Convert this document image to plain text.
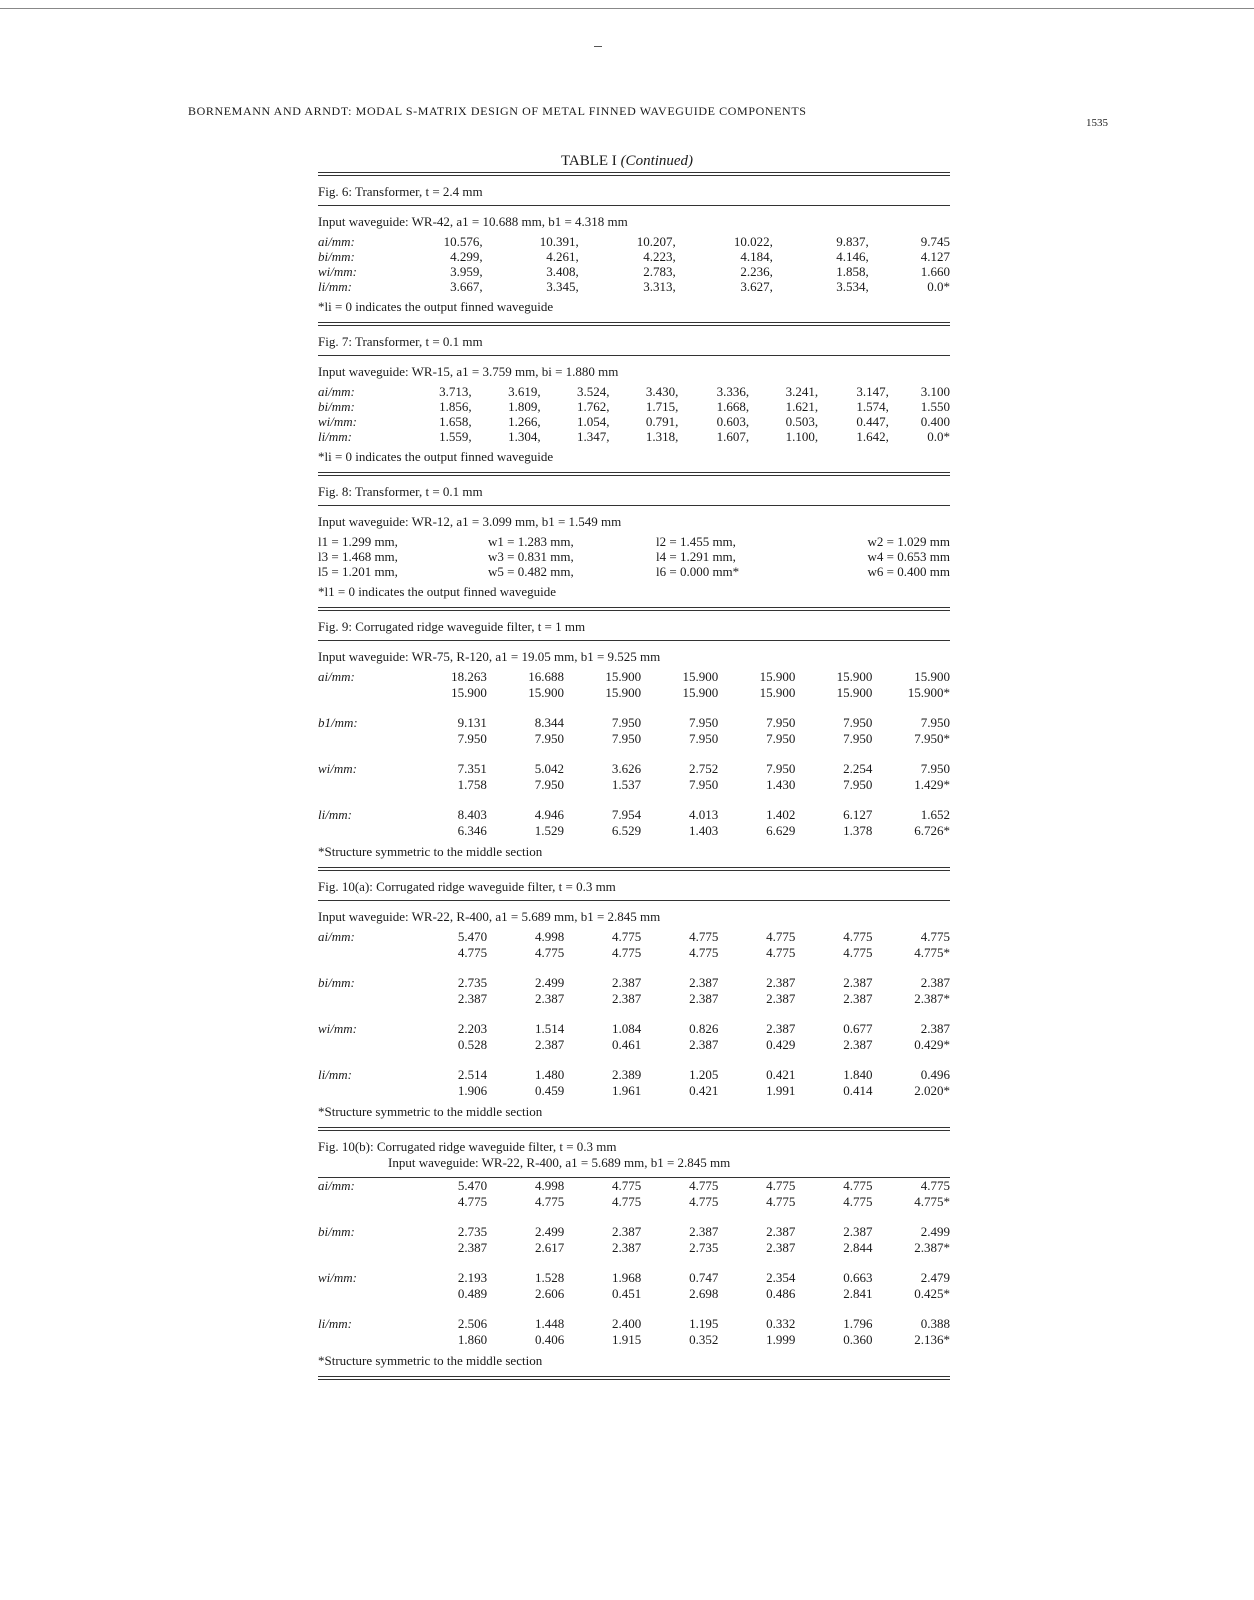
BORNEMANN AND ARNDT: MODAL S-MATRIX DESIGN OF METAL FINNED WAVEGUIDE COMPONENTS
1535
TABLE I (Continued)
Fig. 6: Transformer, t = 2.4 mm
Input waveguide: WR-42, a1 = 10.688 mm, b1 = 4.318 mm
ai/mm:	10.576,	10.391,	10.207,	10.022,	9.837,	9.745
bi/mm:	4.299,	4.261,	4.223,	4.184,	4.146,	4.127
wi/mm:	3.959,	3.408,	2.783,	2.236,	1.858,	1.660
li/mm:	3.667,	3.345,	3.313,	3.627,	3.534,	0.0*
*li = 0 indicates the output finned waveguide
Fig. 7: Transformer, t = 0.1 mm
Input waveguide: WR-15, a1 = 3.759 mm, bi = 1.880 mm
ai/mm:	3.713,	3.619,	3.524,	3.430,	3.336,	3.241,	3.147,	3.100
bi/mm:	1.856,	1.809,	1.762,	1.715,	1.668,	1.621,	1.574,	1.550
wi/mm:	1.658,	1.266,	1.054,	0.791,	0.603,	0.503,	0.447,	0.400
li/mm:	1.559,	1.304,	1.347,	1.318,	1.607,	1.100,	1.642,	0.0*
*li = 0 indicates the output finned waveguide
Fig. 8: Transformer, t = 0.1 mm
Input waveguide: WR-12, a1 = 3.099 mm, b1 = 1.549 mm
l1 = 1.299 mm,	w1 = 1.283 mm,	l2 = 1.455 mm,	w2 = 1.029 mm
l3 = 1.468 mm,	w3 = 0.831 mm,	l4 = 1.291 mm,	w4 = 0.653 mm
l5 = 1.201 mm,	w5 = 0.482 mm,	l6 = 0.000 mm*	w6 = 0.400 mm
*l1 = 0 indicates the output finned waveguide
Fig. 9: Corrugated ridge waveguide filter, t = 1 mm
Input waveguide: WR-75, R-120, a1 = 19.05 mm, b1 = 9.525 mm
ai/mm:	18.263	16.688	15.900	15.900	15.900	15.900	15.900
	15.900	15.900	15.900	15.900	15.900	15.900	15.900*

b1/mm:	9.131	8.344	7.950	7.950	7.950	7.950	7.950
	7.950	7.950	7.950	7.950	7.950	7.950	7.950*

wi/mm:	7.351	5.042	3.626	2.752	7.950	2.254	7.950
	1.758	7.950	1.537	7.950	1.430	7.950	1.429*

li/mm:	8.403	4.946	7.954	4.013	1.402	6.127	1.652
	6.346	1.529	6.529	1.403	6.629	1.378	6.726*
*Structure symmetric to the middle section
Fig. 10(a): Corrugated ridge waveguide filter, t = 0.3 mm
Input waveguide: WR-22, R-400, a1 = 5.689 mm, b1 = 2.845 mm
ai/mm:	5.470	4.998	4.775	4.775	4.775	4.775	4.775
	4.775	4.775	4.775	4.775	4.775	4.775	4.775*

bi/mm:	2.735	2.499	2.387	2.387	2.387	2.387	2.387
	2.387	2.387	2.387	2.387	2.387	2.387	2.387*

wi/mm:	2.203	1.514	1.084	0.826	2.387	0.677	2.387
	0.528	2.387	0.461	2.387	0.429	2.387	0.429*

li/mm:	2.514	1.480	2.389	1.205	0.421	1.840	0.496
	1.906	0.459	1.961	0.421	1.991	0.414	2.020*
*Structure symmetric to the middle section
Fig. 10(b): Corrugated ridge waveguide filter, t = 0.3 mm
Input waveguide: WR-22, R-400, a1 = 5.689 mm, b1 = 2.845 mm
ai/mm:	5.470	4.998	4.775	4.775	4.775	4.775	4.775
	4.775	4.775	4.775	4.775	4.775	4.775	4.775*

bi/mm:	2.735	2.499	2.387	2.387	2.387	2.387	2.499
	2.387	2.617	2.387	2.735	2.387	2.844	2.387*

wi/mm:	2.193	1.528	1.968	0.747	2.354	0.663	2.479
	0.489	2.606	0.451	2.698	0.486	2.841	0.425*

li/mm:	2.506	1.448	2.400	1.195	0.332	1.796	0.388
	1.860	0.406	1.915	0.352	1.999	0.360	2.136*
*Structure symmetric to the middle section
